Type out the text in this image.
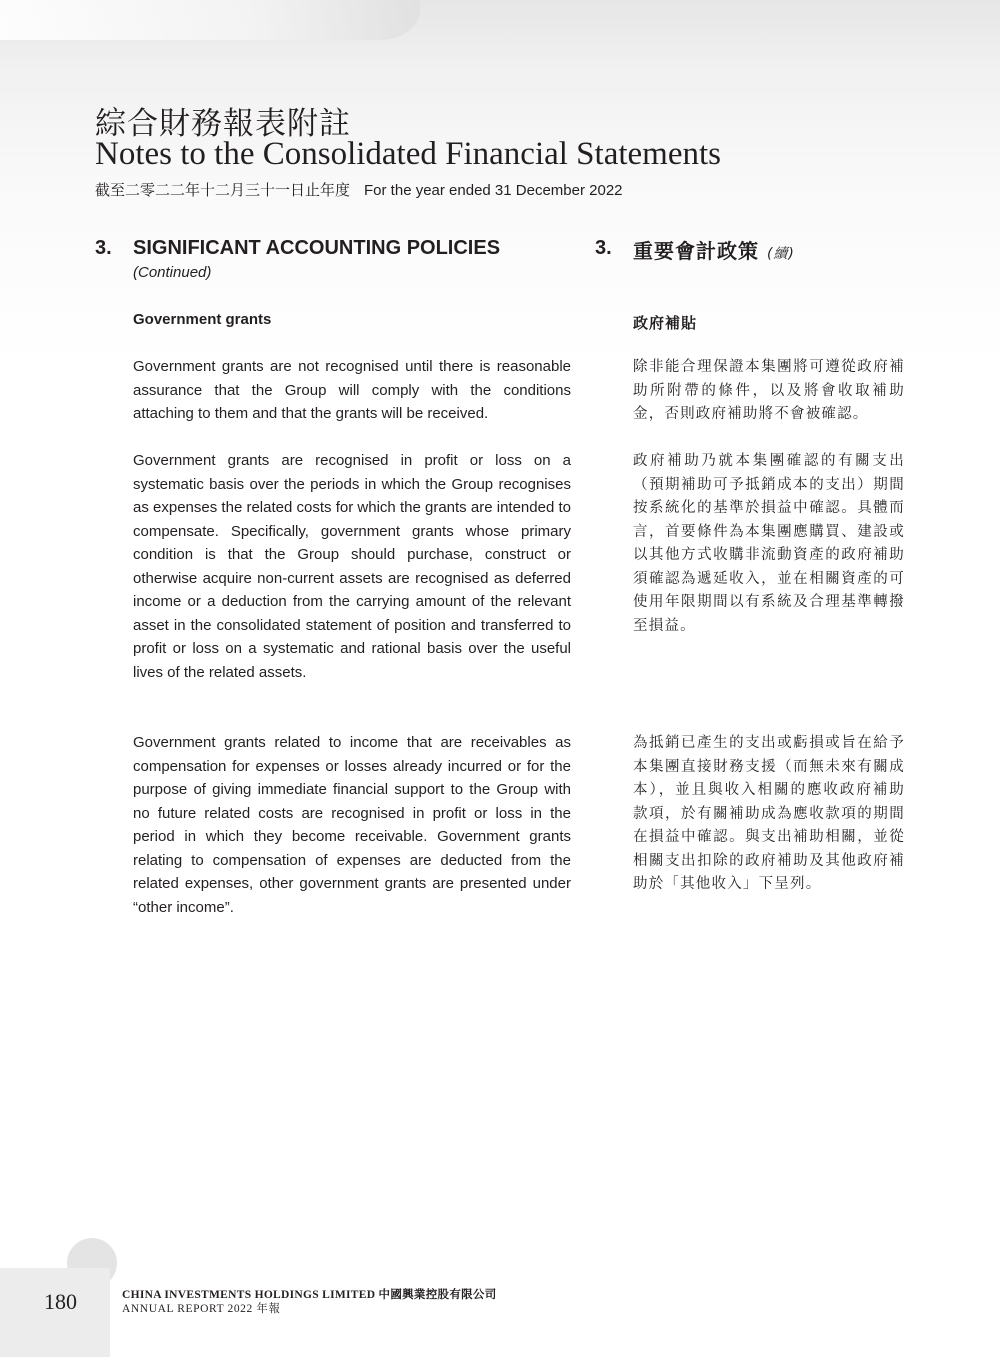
綜合財務報表附註
Notes to the Consolidated Financial Statements
截至二零二二年十二月三十一日止年度 For the year ended 31 December 2022
3. SIGNIFICANT ACCOUNTING POLICIES
(Continued)
3. 重要會計政策 (續)
Government grants	政府補貼

Government grants are not recognised until there is reasonable assurance that the Group will comply with the conditions attaching to them and that the grants will be received.

Government grants are recognised in profit or loss on a systematic basis over the periods in which the Group recognises as expenses the related costs for which the grants are intended to compensate. Specifically, government grants whose primary condition is that the Group should purchase, construct or otherwise acquire non-current assets are recognised as deferred income or a deduction from the carrying amount of the relevant asset in the consolidated statement of position and transferred to profit or loss on a systematic and rational basis over the useful lives of the related assets.

Government grants related to income that are receivables as compensation for expenses or losses already incurred or for the purpose of giving immediate financial support to the Group with no future related costs are recognised in profit or loss in the period in which they become receivable. Government grants relating to compensation of expenses are deducted from the related expenses, other government grants are presented under “other income”.

除非能合理保證本集團將可遵從政府補助所附帶的條件，以及將會收取補助金，否則政府補助將不會被確認。

政府補助乃就本集團確認的有關支出（預期補助可予抵銷成本的支出）期間按系統化的基準於損益中確認。具體而言，首要條件為本集團應購買、建設或以其他方式收購非流動資產的政府補助須確認為遞延收入，並在相關資產的可使用年限期間以有系統及合理基準轉撥至損益。

為抵銷已產生的支出或虧損或旨在給予本集團直接財務支援（而無未來有關成本），並且與收入相關的應收政府補助款項，於有關補助成為應收款項的期間在損益中確認。與支出補助相關，並從相關支出扣除的政府補助及其他政府補助於「其他收入」下呈列。

180	CHINA INVESTMENTS HOLDINGS LIMITED 中國興業控股有限公司
ANNUAL REPORT 2022 年報
